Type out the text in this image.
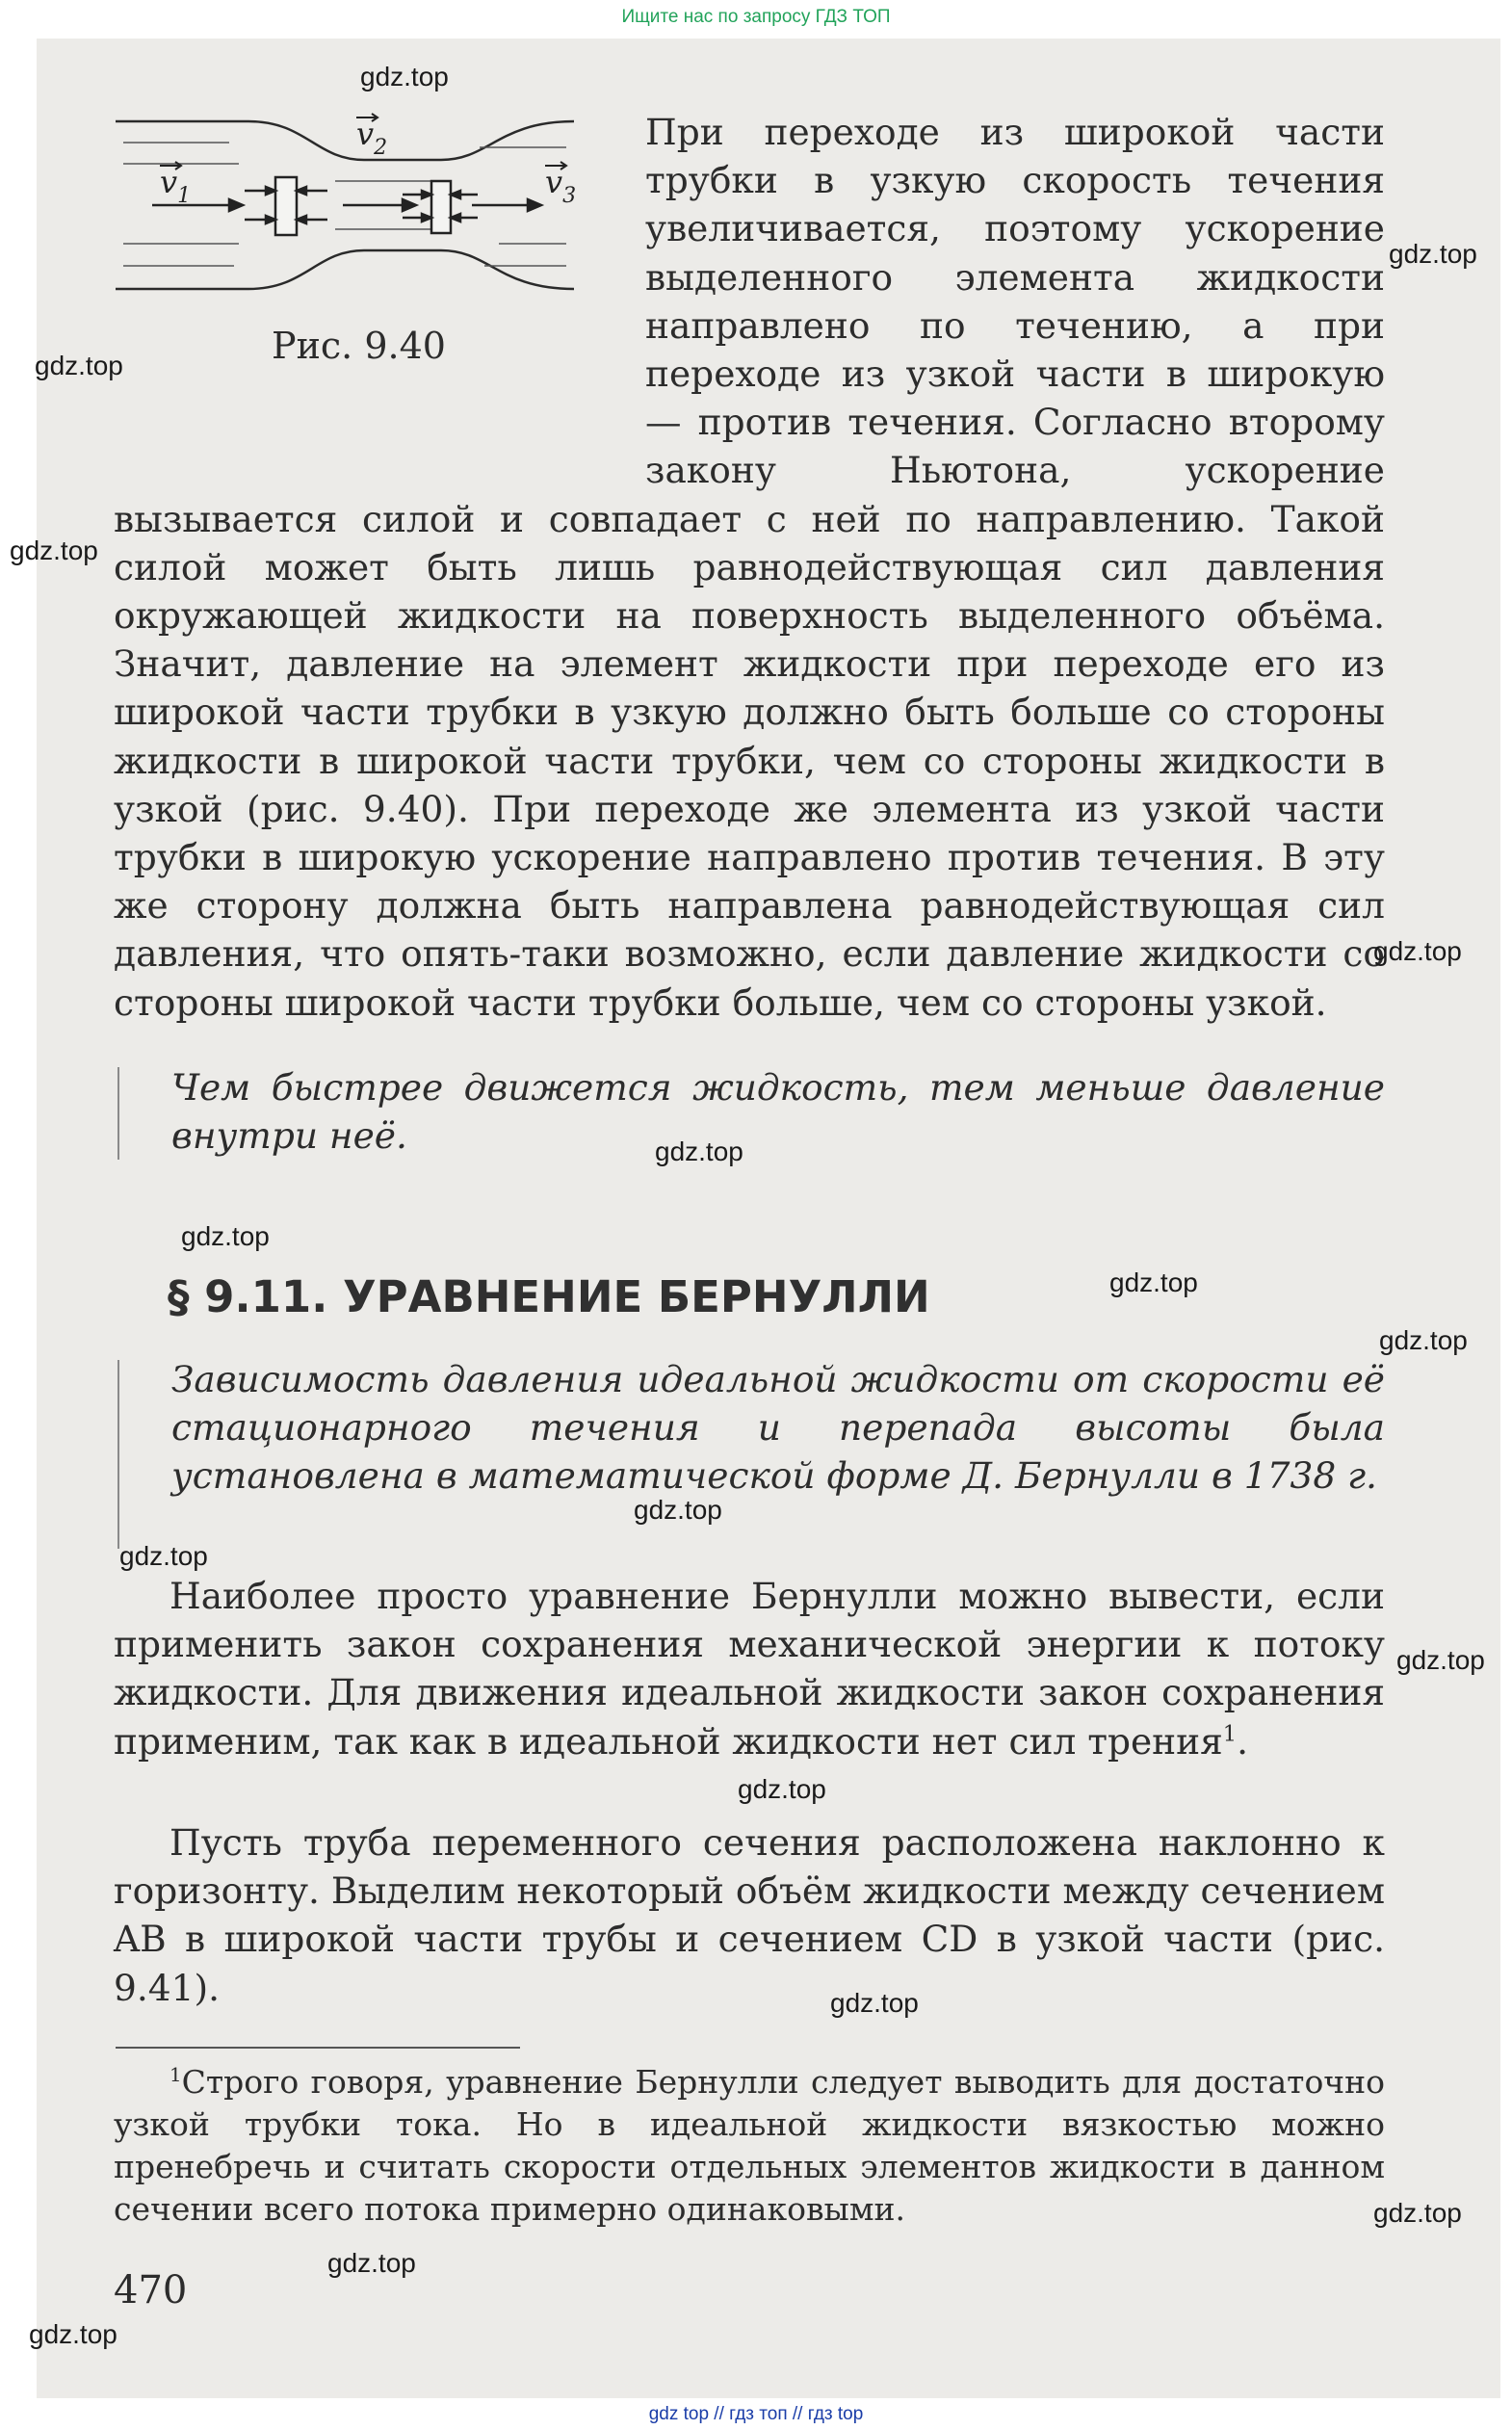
Ищите нас по запросу ГДЗ ТОП
$v_1$
$v_2$
$v_3$
Рис. 9.40
При переходе из широкой части трубки в узкую скорость течения увеличивается, поэтому ускорение выделенного элемента жидкости направлено по течению, а при переходе из узкой части в широкую — против течения. Согласно второму закону Ньютона, ускорение вызывается силой и совпадает с ней по направлению. Такой силой может быть лишь равнодействующая сил давления окружающей жидкости на поверхность выделенного объёма. Значит, давление на элемент жидкости при переходе его из широкой части трубки в узкую должно быть больше со стороны жидкости в широкой части трубки, чем со стороны жидкости в узкой (рис. 9.40). При переходе же элемента из узкой части трубки в широкую ускорение направлено против течения. В эту же сторону должна быть направлена равнодействующая сил давления, что опять-таки возможно, если давление жидкости со стороны широкой части трубки больше, чем со стороны узкой.
Чем быстрее движется жидкость, тем меньше давление внутри неё.
§ 9.11. УРАВНЕНИЕ БЕРНУЛЛИ
Зависимость давления идеальной жидкости от скорости её стационарного течения и перепада высоты была установлена в математической форме Д. Бернулли в 1738 г.
Наиболее просто уравнение Бернулли можно вывести, если применить закон сохранения механической энергии к потоку жидкости. Для движения идеальной жидкости закон сохранения применим, так как в идеальной жидкости нет сил трения$^1$.
Пусть труба переменного сечения расположена наклонно к горизонту. Выделим некоторый объём жидкости между сечением AB в широкой части трубы и сечением CD в узкой части (рис. 9.41).
$^1$Строго говоря, уравнение Бернулли следует выводить для достаточно узкой трубки тока. Но в идеальной жидкости вязкостью можно пренебречь и считать скорости отдельных элементов жидкости в данном сечении всего потока примерно одинаковыми.
470
gdz.top
gdz.top
gdz.top
gdz.top
gdz.top
gdz.top
gdz.top
gdz.top
gdz.top
gdz.top
gdz.top
gdz.top
gdz.top
gdz.top
gdz.top
gdz.top
gdz.top
gdz top // гдз топ // гдз top
